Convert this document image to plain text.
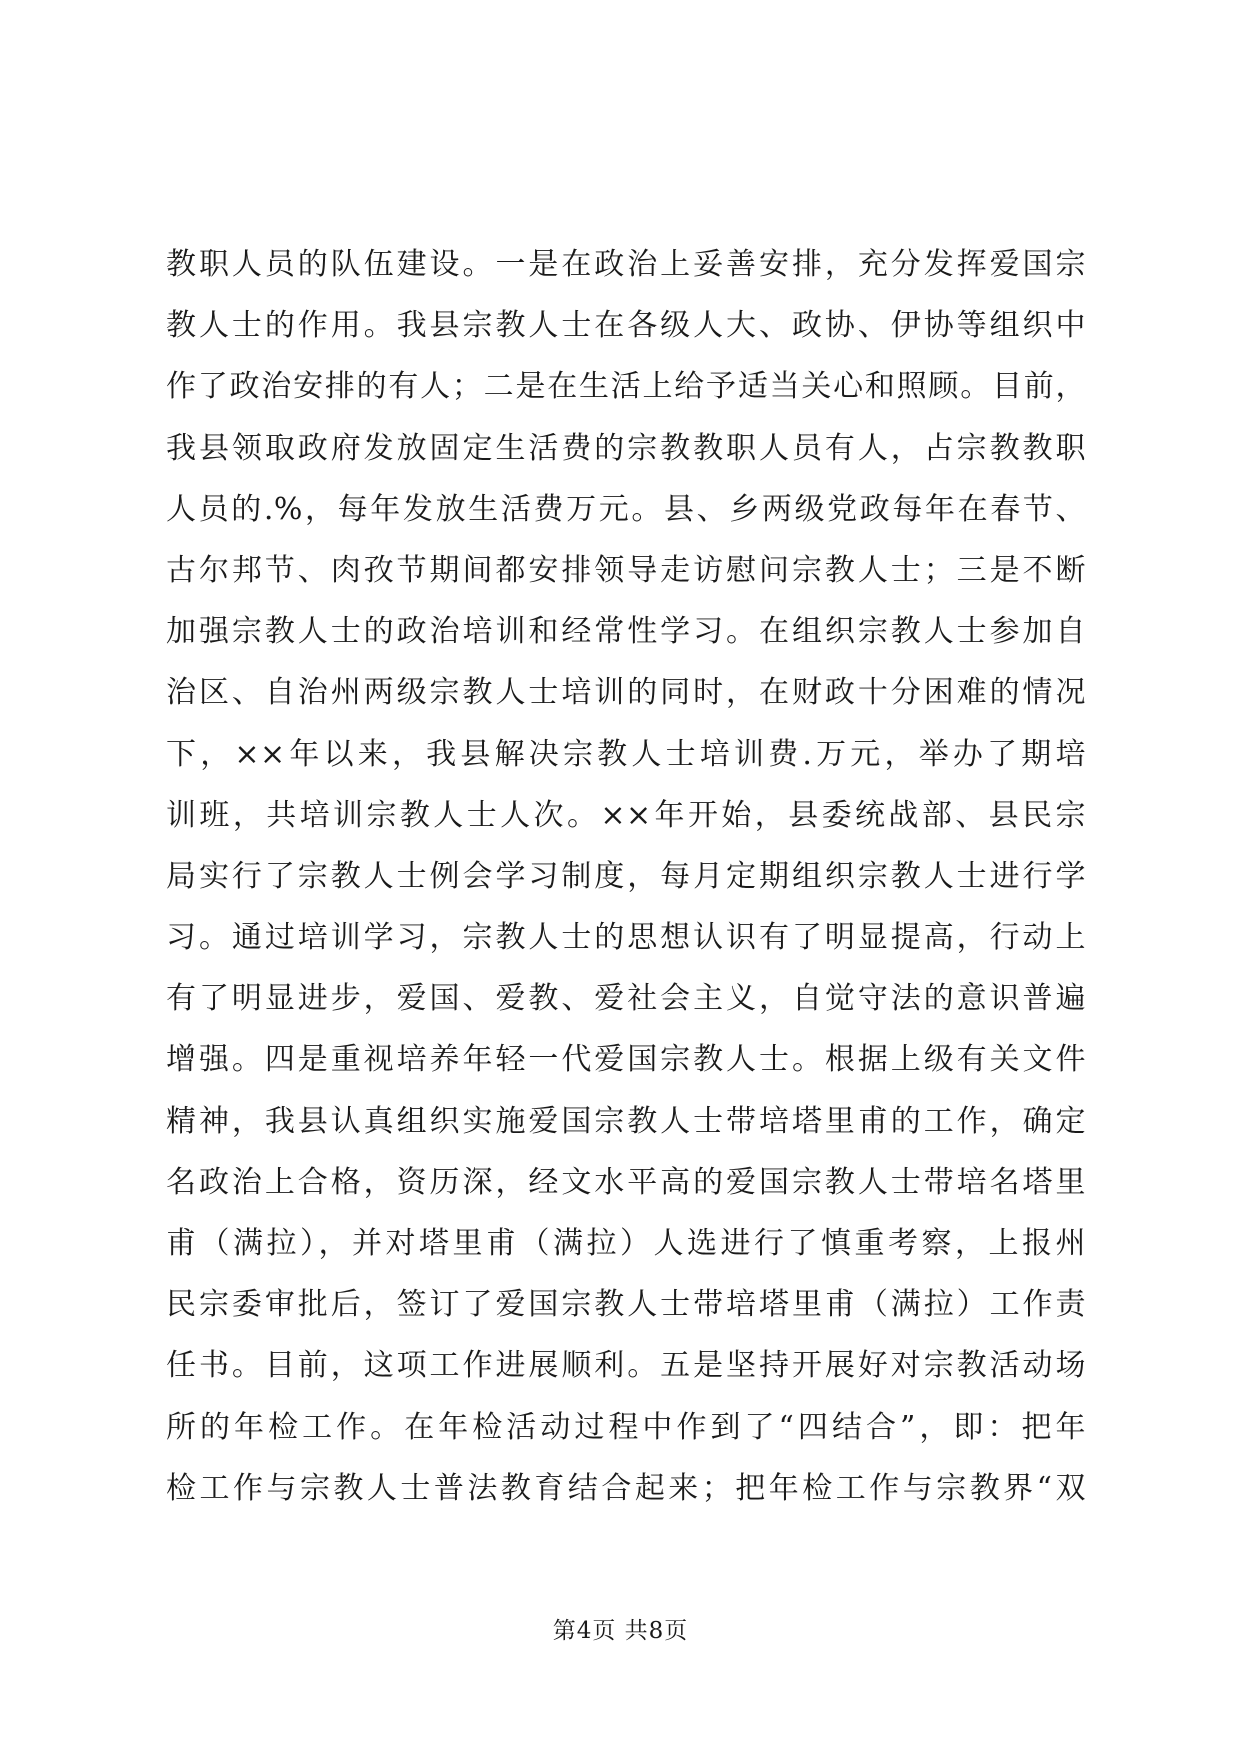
教职人员的队伍建设。一是在政治上妥善安排，充分发挥爱国宗
教人士的作用。我县宗教人士在各级人大、政协、伊协等组织中
作了政治安排的有人；二是在生活上给予适当关心和照顾。目前，
我县领取政府发放固定生活费的宗教教职人员有人，占宗教教职
人员的.%，每年发放生活费万元。县、乡两级党政每年在春节、
古尔邦节、肉孜节期间都安排领导走访慰问宗教人士；三是不断
加强宗教人士的政治培训和经常性学习。在组织宗教人士参加自
治区、自治州两级宗教人士培训的同时，在财政十分困难的情况
下，××年以来，我县解决宗教人士培训费.万元，举办了期培
训班，共培训宗教人士人次。××年开始，县委统战部、县民宗
局实行了宗教人士例会学习制度，每月定期组织宗教人士进行学
习。通过培训学习，宗教人士的思想认识有了明显提高，行动上
有了明显进步，爱国、爱教、爱社会主义，自觉守法的意识普遍
增强。四是重视培养年轻一代爱国宗教人士。根据上级有关文件
精神，我县认真组织实施爱国宗教人士带培塔里甫的工作，确定
名政治上合格，资历深，经文水平高的爱国宗教人士带培名塔里
甫（满拉），并对塔里甫（满拉）人选进行了慎重考察，上报州
民宗委审批后，签订了爱国宗教人士带培塔里甫（满拉）工作责
任书。目前，这项工作进展顺利。五是坚持开展好对宗教活动场
所的年检工作。在年检活动过程中作到了“四结合”，即：把年
检工作与宗教人士普法教育结合起来；把年检工作与宗教界“双
第4页 共8页
